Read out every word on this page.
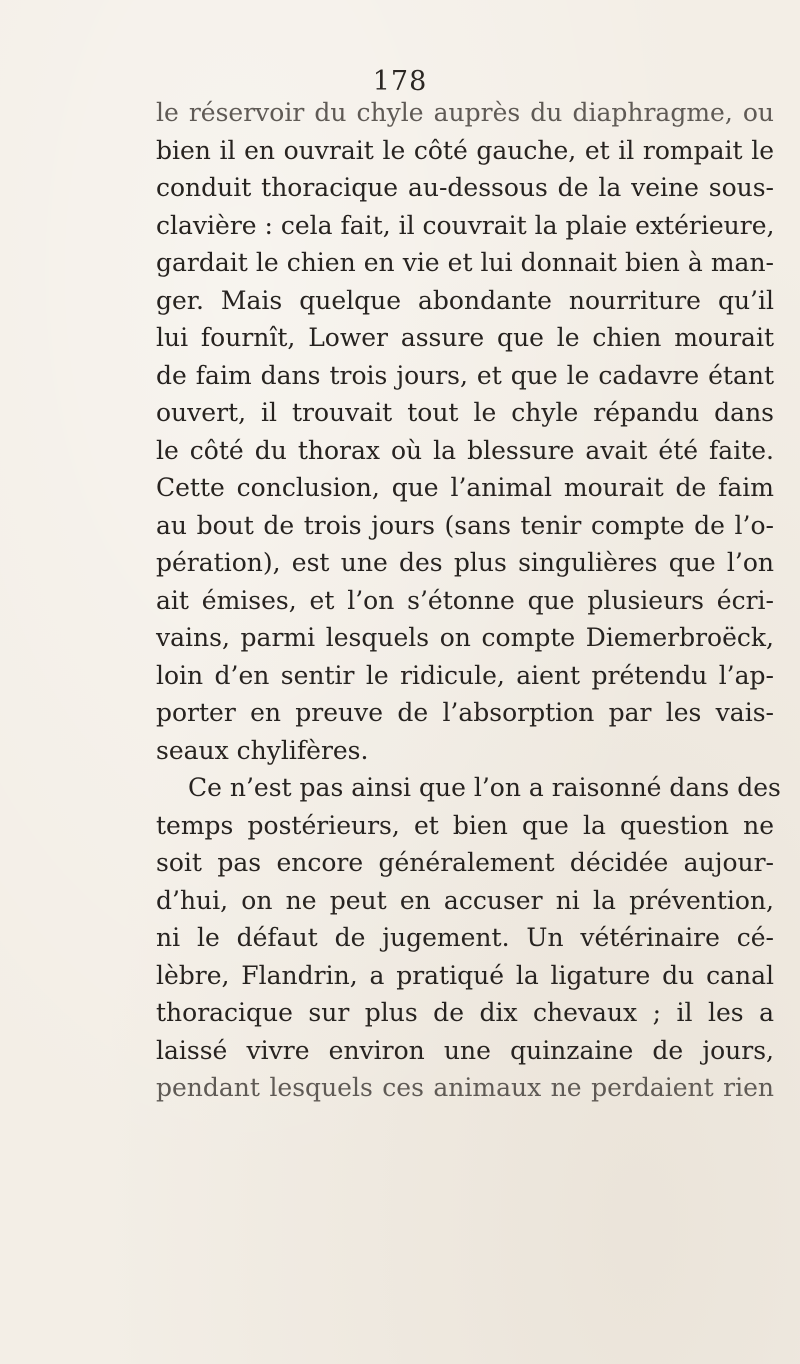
178
le réservoir du chyle auprès du diaphragme, ou
bien il en ouvrait le côté gauche, et il rompait le
conduit thoracique au-dessous de la veine sous-
clavière : cela fait, il couvrait la plaie extérieure,
gardait le chien en vie et lui donnait bien à man-
ger. Mais quelque abondante nourriture qu’il
lui fournît, Lower assure que le chien mourait
de faim dans trois jours, et que le cadavre étant
ouvert, il trouvait tout le chyle répandu dans
le côté du thorax où la blessure avait été faite.
Cette conclusion, que l’animal mourait de faim
au bout de trois jours (sans tenir compte de l’o-
pération), est une des plus singulières que l’on
ait émises, et l’on s’étonne que plusieurs écri-
vains, parmi lesquels on compte Diemerbroëck,
loin d’en sentir le ridicule, aient prétendu l’ap-
porter en preuve de l’absorption par les vais-
seaux chylifères.
Ce n’est pas ainsi que l’on a raisonné dans des
temps postérieurs, et bien que la question ne
soit pas encore généralement décidée aujour-
d’hui, on ne peut en accuser ni la prévention,
ni le défaut de jugement. Un vétérinaire cé-
lèbre, Flandrin, a pratiqué la ligature du canal
thoracique sur plus de dix chevaux ; il les a
laissé vivre environ une quinzaine de jours,
pendant lesquels ces animaux ne perdaient rien
